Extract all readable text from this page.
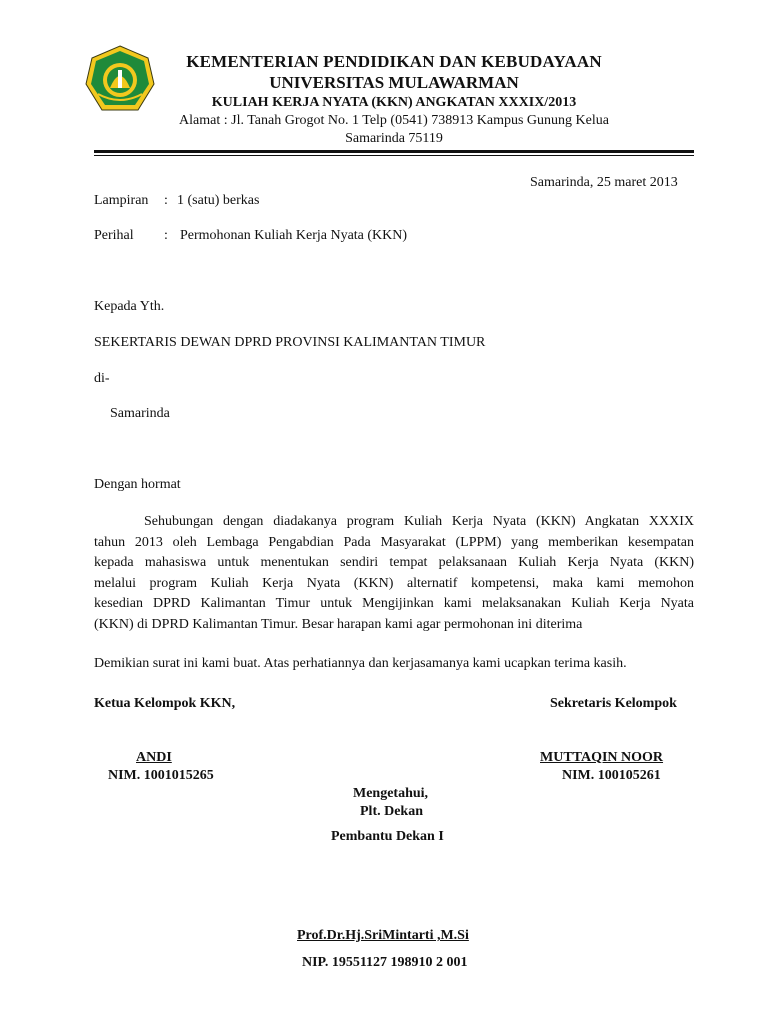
KEMENTERIAN PENDIDIKAN DAN KEBUDAYAAN
UNIVERSITAS MULAWARMAN
KULIAH KERJA NYATA (KKN) ANGKATAN XXXIX/2013
Alamat : Jl. Tanah Grogot No. 1 Telp (0541) 738913 Kampus Gunung Kelua
Samarinda 75119
Samarinda, 25 maret 2013
Lampiran : 1 (satu) berkas
Perihal : Permohonan Kuliah Kerja Nyata (KKN)
Kepada Yth.
SEKERTARIS DEWAN DPRD PROVINSI KALIMANTAN TIMUR
di-
Samarinda
Dengan hormat
Sehubungan dengan diadakanya program Kuliah Kerja Nyata (KKN) Angkatan XXXIX
tahun 2013 oleh Lembaga Pengabdian Pada Masyarakat (LPPM) yang memberikan kesempatan
kepada mahasiswa untuk menentukan sendiri tempat pelaksanaan Kuliah Kerja Nyata (KKN)
melalui program Kuliah Kerja Nyata (KKN) alternatif kompetensi, maka kami memohon
kesedian DPRD Kalimantan Timur untuk Mengijinkan kami melaksanakan Kuliah Kerja Nyata
(KKN) di DPRD Kalimantan Timur. Besar harapan kami agar permohonan ini diterima
Demikian surat ini kami buat. Atas perhatiannya dan kerjasamanya kami ucapkan terima kasih.
Ketua Kelompok KKN,	Sekretaris Kelompok
ANDI
NIM. 1001015265
MUTTAQIN NOOR
NIM. 100105261
Mengetahui,
Plt. Dekan
Pembantu Dekan I
Prof.Dr.Hj.SriMintarti ,M.Si
NIP. 19551127 198910 2 001
